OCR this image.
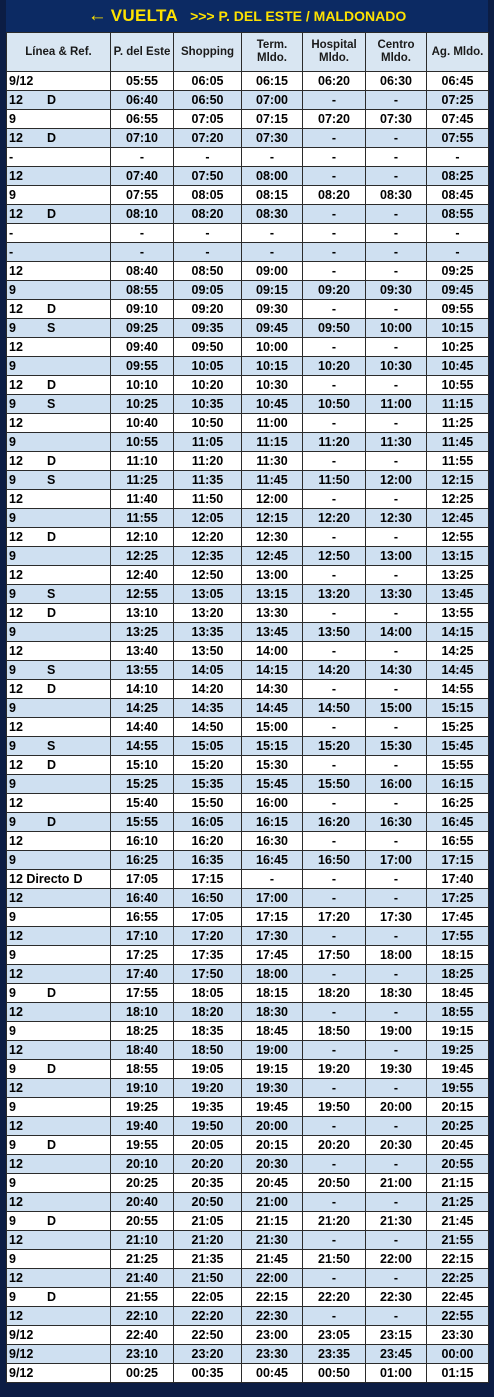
← VUELTA >>> P. DEL ESTE / MALDONADO
Línea & Ref.	P. del Este	Shopping	Term. Mldo.	Hospital Mldo.	Centro Mldo.	Ag. Mldo.
9/12	05:55	06:05	06:15	06:20	06:30	06:45
12 D	06:40	06:50	07:00	-	-	07:25
9	06:55	07:05	07:15	07:20	07:30	07:45
12 D	07:10	07:20	07:30	-	-	07:55
-	-	-	-	-	-	-
12	07:40	07:50	08:00	-	-	08:25
9	07:55	08:05	08:15	08:20	08:30	08:45
12 D	08:10	08:20	08:30	-	-	08:55
-	-	-	-	-	-	-
-	-	-	-	-	-	-
12	08:40	08:50	09:00	-	-	09:25
9	08:55	09:05	09:15	09:20	09:30	09:45
12 D	09:10	09:20	09:30	-	-	09:55
9 S	09:25	09:35	09:45	09:50	10:00	10:15
12	09:40	09:50	10:00	-	-	10:25
9	09:55	10:05	10:15	10:20	10:30	10:45
12 D	10:10	10:20	10:30	-	-	10:55
9 S	10:25	10:35	10:45	10:50	11:00	11:15
12	10:40	10:50	11:00	-	-	11:25
9	10:55	11:05	11:15	11:20	11:30	11:45
12 D	11:10	11:20	11:30	-	-	11:55
9 S	11:25	11:35	11:45	11:50	12:00	12:15
12	11:40	11:50	12:00	-	-	12:25
9	11:55	12:05	12:15	12:20	12:30	12:45
12 D	12:10	12:20	12:30	-	-	12:55
9	12:25	12:35	12:45	12:50	13:00	13:15
12	12:40	12:50	13:00	-	-	13:25
9 S	12:55	13:05	13:15	13:20	13:30	13:45
12 D	13:10	13:20	13:30	-	-	13:55
9	13:25	13:35	13:45	13:50	14:00	14:15
12	13:40	13:50	14:00	-	-	14:25
9 S	13:55	14:05	14:15	14:20	14:30	14:45
12 D	14:10	14:20	14:30	-	-	14:55
9	14:25	14:35	14:45	14:50	15:00	15:15
12	14:40	14:50	15:00	-	-	15:25
9 S	14:55	15:05	15:15	15:20	15:30	15:45
12 D	15:10	15:20	15:30	-	-	15:55
9	15:25	15:35	15:45	15:50	16:00	16:15
12	15:40	15:50	16:00	-	-	16:25
9 D	15:55	16:05	16:15	16:20	16:30	16:45
12	16:10	16:20	16:30	-	-	16:55
9	16:25	16:35	16:45	16:50	17:00	17:15
12 Directo D	17:05	17:15	-	-	-	17:40
12	16:40	16:50	17:00	-	-	17:25
9	16:55	17:05	17:15	17:20	17:30	17:45
12	17:10	17:20	17:30	-	-	17:55
9	17:25	17:35	17:45	17:50	18:00	18:15
12	17:40	17:50	18:00	-	-	18:25
9 D	17:55	18:05	18:15	18:20	18:30	18:45
12	18:10	18:20	18:30	-	-	18:55
9	18:25	18:35	18:45	18:50	19:00	19:15
12	18:40	18:50	19:00	-	-	19:25
9 D	18:55	19:05	19:15	19:20	19:30	19:45
12	19:10	19:20	19:30	-	-	19:55
9	19:25	19:35	19:45	19:50	20:00	20:15
12	19:40	19:50	20:00	-	-	20:25
9 D	19:55	20:05	20:15	20:20	20:30	20:45
12	20:10	20:20	20:30	-	-	20:55
9	20:25	20:35	20:45	20:50	21:00	21:15
12	20:40	20:50	21:00	-	-	21:25
9 D	20:55	21:05	21:15	21:20	21:30	21:45
12	21:10	21:20	21:30	-	-	21:55
9	21:25	21:35	21:45	21:50	22:00	22:15
12	21:40	21:50	22:00	-	-	22:25
9 D	21:55	22:05	22:15	22:20	22:30	22:45
12	22:10	22:20	22:30	-	-	22:55
9/12	22:40	22:50	23:00	23:05	23:15	23:30
9/12	23:10	23:20	23:30	23:35	23:45	00:00
9/12	00:25	00:35	00:45	00:50	01:00	01:15
